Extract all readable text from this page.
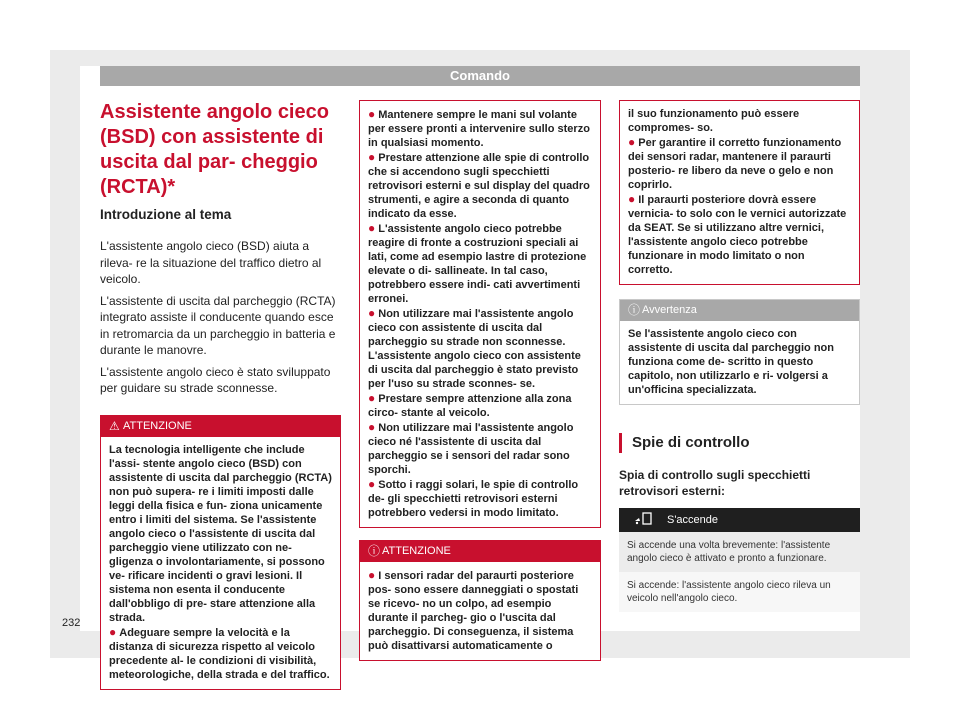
Comando
232
Assistente angolo cieco (BSD) con assistente di uscita dal par- cheggio (RCTA)*
Introduzione al tema

L'assistente angolo cieco (BSD) aiuta a rileva- re la situazione del traffico dietro al veicolo.

L'assistente di uscita dal parcheggio (RCTA) integrato assiste il conducente quando esce in retromarcia da un parcheggio in batteria e durante le manovre.

L'assistente angolo cieco è stato sviluppato per guidare su strade sconnesse.

⚠ ATTENZIONE

La tecnologia intelligente che include l'assi- stente angolo cieco (BSD) con assistente di uscita dal parcheggio (RCTA) non può supera- re i limiti imposti dalle leggi della fisica e fun- ziona unicamente entro i limiti del sistema. Se l'assistente angolo cieco o l'assistente di uscita dal parcheggio viene utilizzato con ne- gligenza o involontariamente, si possono ve- rificare incidenti o gravi lesioni. Il sistema non esenta il conducente dall'obbligo di pre- stare attenzione alla strada.

● Adeguare sempre la velocità e la distanza di sicurezza rispetto al veicolo precedente al- le condizioni di visibilità, meteorologiche, della strada e del traffico.

● Mantenere sempre le mani sul volante per essere pronti a intervenire sullo sterzo in qualsiasi momento.

● Prestare attenzione alle spie di controllo che si accendono sugli specchietti retrovisori esterni e sul display del quadro strumenti, e agire a seconda di quanto indicato da esse.

● L'assistente angolo cieco potrebbe reagire di fronte a costruzioni speciali ai lati, come ad esempio lastre di protezione elevate o di- sallineate. In tal caso, potrebbero essere indi- cati avvertimenti erronei.

● Non utilizzare mai l'assistente angolo cieco con assistente di uscita dal parcheggio su strade non sconnesse. L'assistente angolo cieco con assistente di uscita dal parcheggio è stato previsto per l'uso su strade sconnes- se.

● Prestare sempre attenzione alla zona circo- stante al veicolo.

● Non utilizzare mai l'assistente angolo cieco né l'assistente di uscita dal parcheggio se i sensori del radar sono sporchi.

● Sotto i raggi solari, le spie di controllo de- gli specchietti retrovisori esterni potrebbero vedersi in modo limitato.

ⓘ ATTENZIONE

● I sensori radar del paraurti posteriore pos- sono essere danneggiati o spostati se ricevo- no un colpo, ad esempio durante il parcheg- gio o l'uscita dal parcheggio. Di conseguenza, il sistema può disattivarsi automaticamente o

il suo funzionamento può essere compromes- so.

● Per garantire il corretto funzionamento dei sensori radar, mantenere il paraurti posterio- re libero da neve o gelo e non coprirlo.

● Il paraurti posteriore dovrà essere vernicia- to solo con le vernici autorizzate da SEAT. Se si utilizzano altre vernici, l'assistente angolo cieco potrebbe funzionare in modo limitato o non corretto.

ⓘ Avvertenza

Se l'assistente angolo cieco con assistente di uscita dal parcheggio non funziona come de- scritto in questo capitolo, non utilizzarlo e ri- volgersi a un'officina specializzata.

Spie di controllo

Spia di controllo sugli specchietti retrovisori esterni:

	S'accende
Si accende una volta brevemente: l'assistente angolo cieco è attivato e pronto a funzionare.
Si accende: l'assistente angolo cieco rileva un veicolo nell'angolo cieco.
